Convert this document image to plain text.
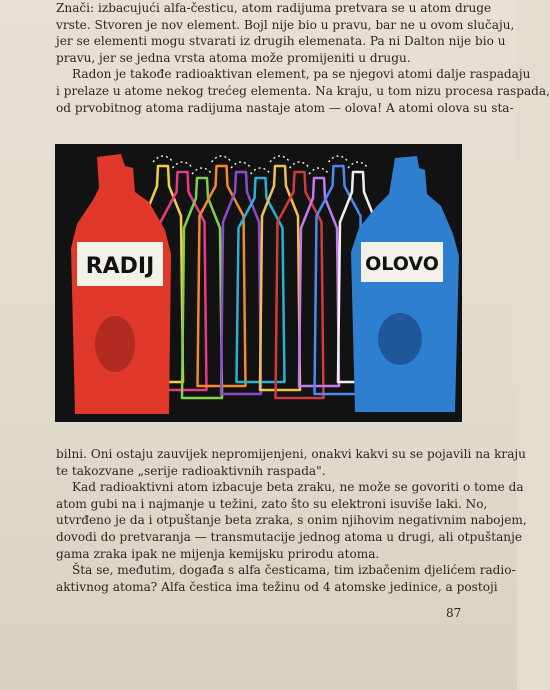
Znači: izbacujući alfa-česticu, atom radijuma pretvara se u atom druge
vrste. Stvoren je nov element. Bojl nije bio u pravu, bar ne u ovom slučaju,
jer se elementi mogu stvarati iz drugih elemenata. Pa ni Dalton nije bio u
pravu, jer se jedna vrsta atoma može promijeniti u drugu.
Radon je takođe radioaktivan element, pa se njegovi atomi dalje raspadaju
i prelaze u atome nekog trećeg elementa. Na kraju, u tom nizu procesa raspada,
od prvobitnog atoma radijuma nastaje atom — olova! A atomi olova su sta-
RADIJ	OLOVO
bilni. Oni ostaju zauvijek nepromijenjeni, onakvi kakvi su se pojavili na kraju
te takozvane „serije radioaktivnih raspada".
Kad radioaktivni atom izbacuje beta zraku, ne može se govoriti o tome da
atom gubi na i najmanje u težini, zato što su elektroni isuviše laki. No,
utvrđeno je da i otpuštanje beta zraka, s onim njihovim negativnim nabojem,
dovodi do pretvaranja — transmutacije jednog atoma u drugi, ali otpuštanje
gama zraka ipak ne mijenja kemijsku prirodu atoma.
Šta se, međutim, događa s alfa česticama, tim izbačenim djelićem radio-
aktivnog atoma? Alfa čestica ima težinu od 4 atomske jedinice, a postoji
87
